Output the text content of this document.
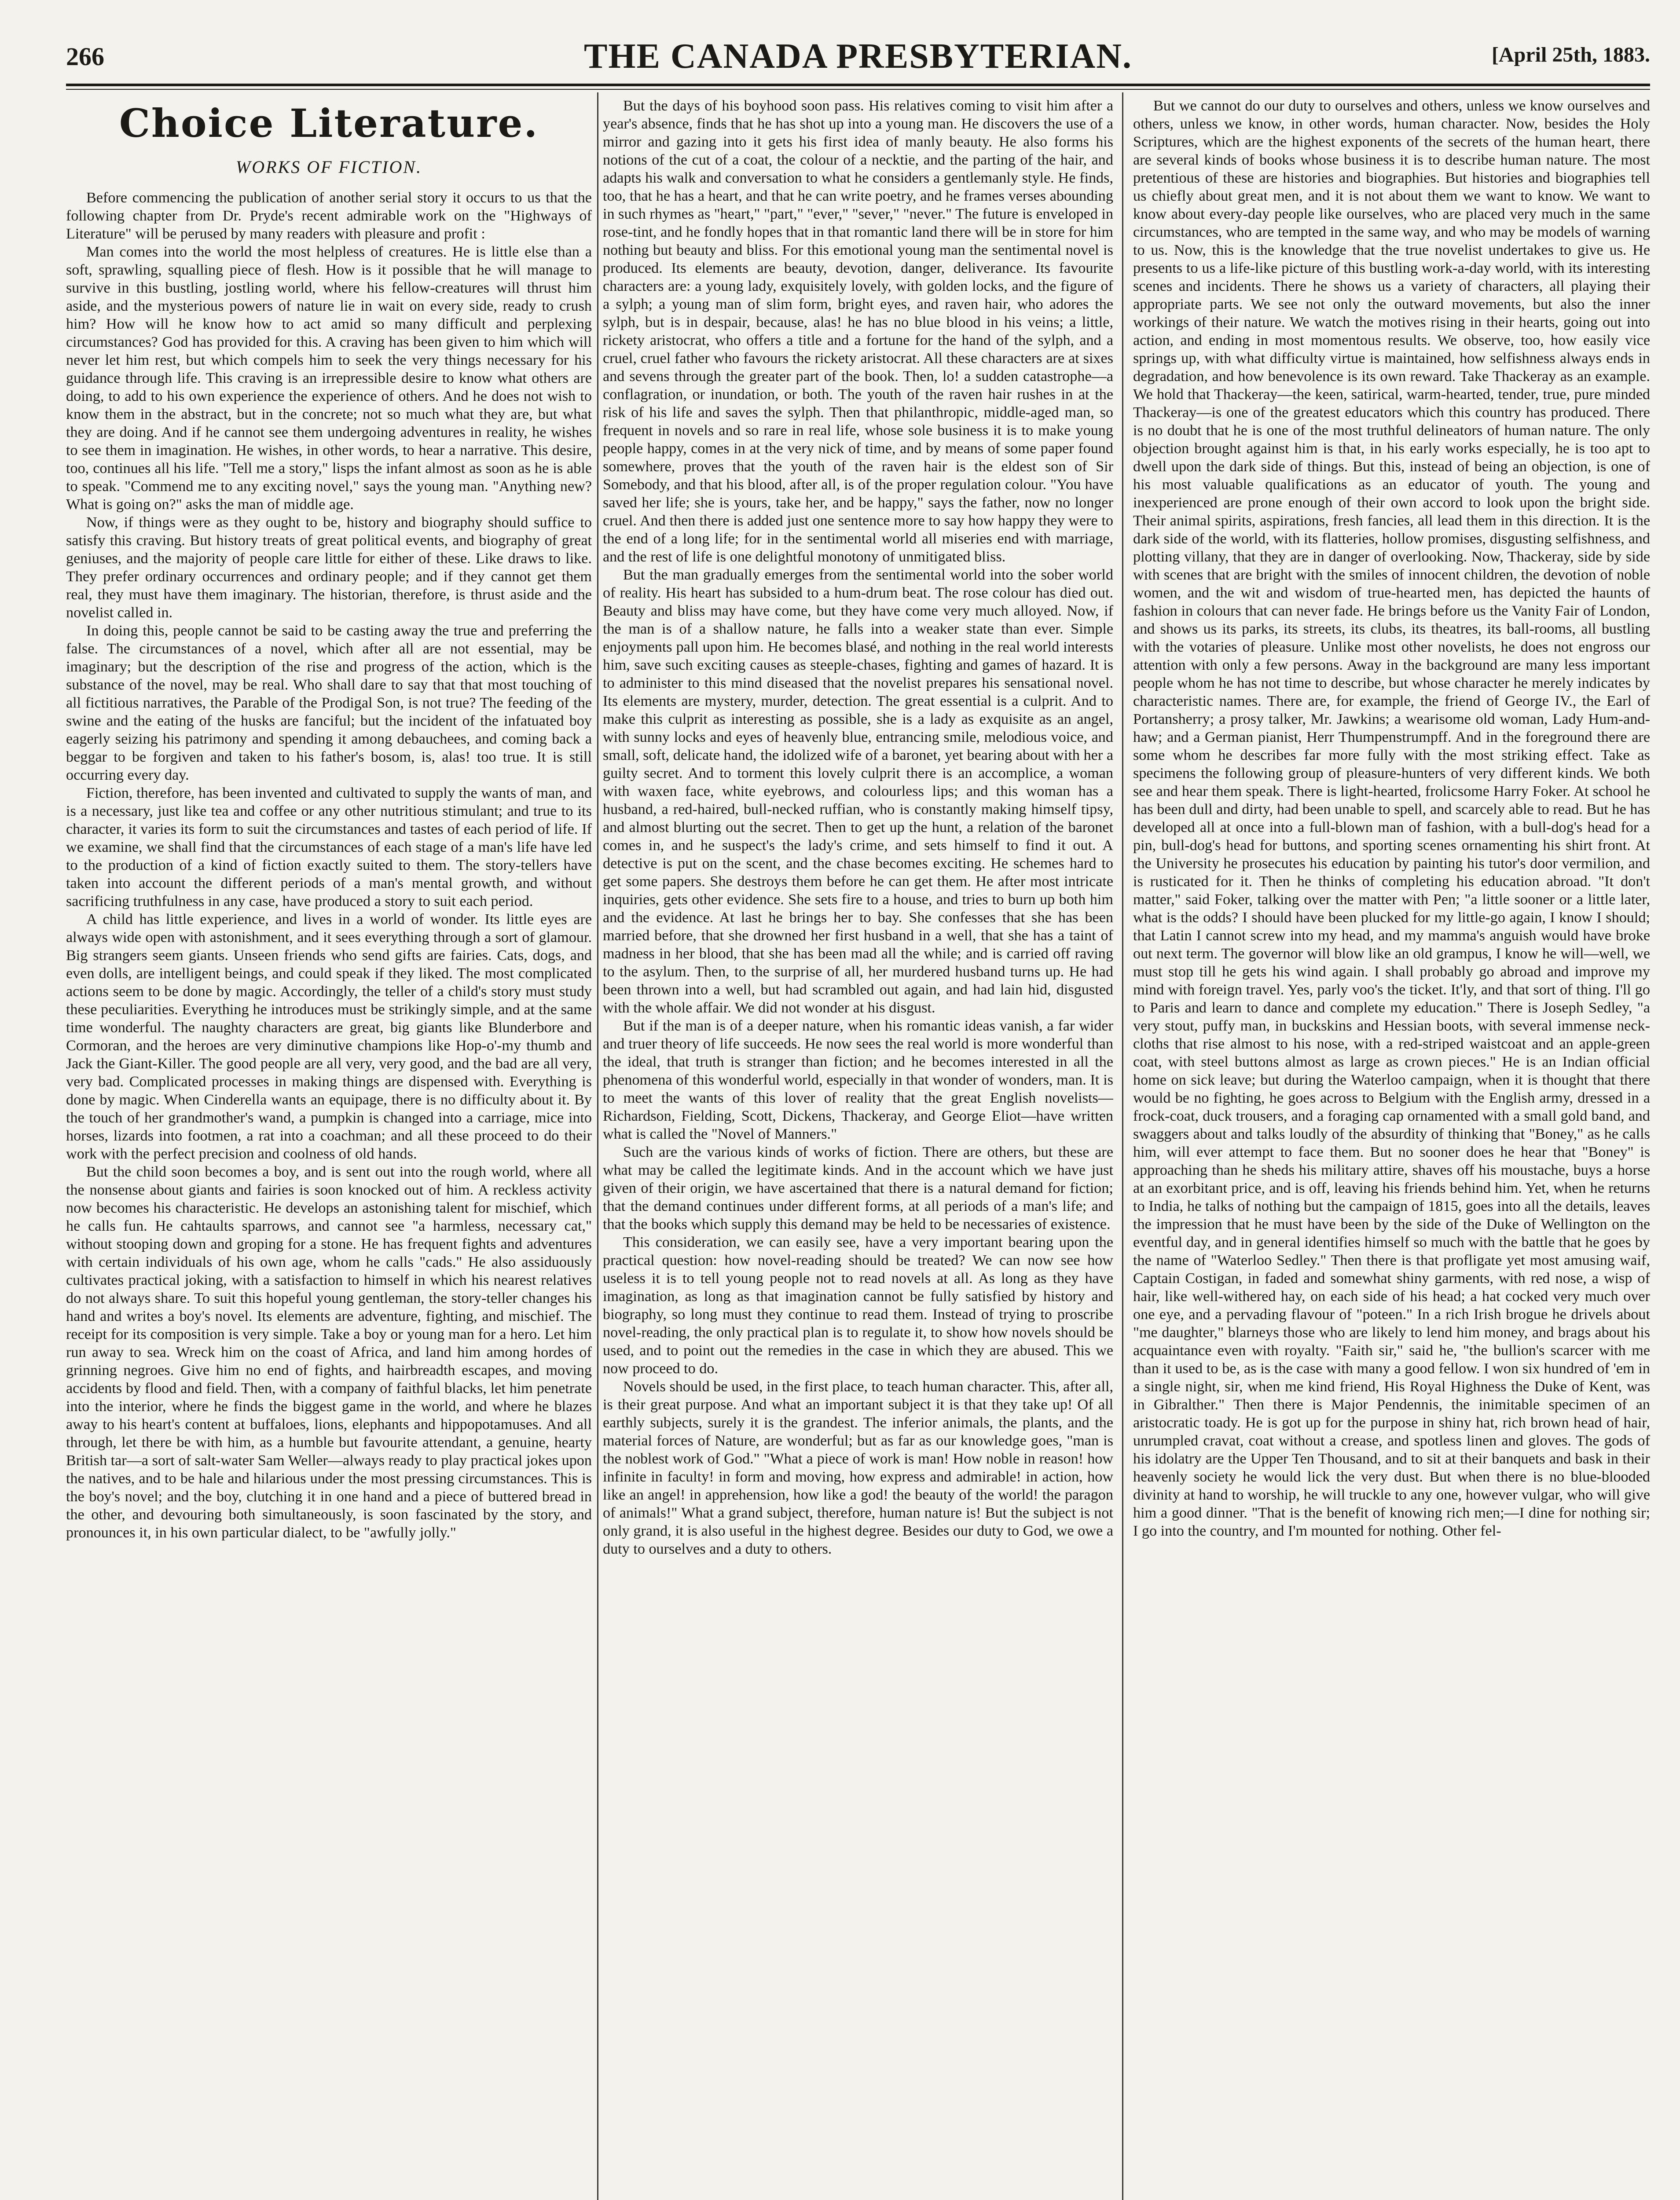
266	THE CANADA PRESBYTERIAN.	[April 25th, 1883.
Choice Literature.
WORKS OF FICTION.

Before commencing the publication of another serial story it occurs to us that the following chapter from Dr. Pryde's recent admirable work on the "Highways of Literature" will be perused by many readers with pleasure and profit :

Man comes into the world the most helpless of creatures. He is little else than a soft, sprawling, squalling piece of flesh. How is it possible that he will manage to survive in this bustling, jostling world, where his fellow-creatures will thrust him aside, and the mysterious powers of nature lie in wait on every side, ready to crush him? How will he know how to act amid so many difficult and perplexing circumstances? God has provided for this. A craving has been given to him which will never let him rest, but which compels him to seek the very things necessary for his guidance through life. This craving is an irrepressible desire to know what others are doing, to add to his own experience the experience of others. And he does not wish to know them in the abstract, but in the concrete; not so much what they are, but what they are doing. And if he cannot see them undergoing adventures in reality, he wishes to see them in imagination. He wishes, in other words, to hear a narrative. This desire, too, continues all his life. "Tell me a story," lisps the infant almost as soon as he is able to speak. "Commend me to any exciting novel," says the young man. "Anything new? What is going on?" asks the man of middle age.

Now, if things were as they ought to be, history and biography should suffice to satisfy this craving. But history treats of great political events, and biography of great geniuses, and the majority of people care little for either of these. Like draws to like. They prefer ordinary occurrences and ordinary people; and if they cannot get them real, they must have them imaginary. The historian, therefore, is thrust aside and the novelist called in.

In doing this, people cannot be said to be casting away the true and preferring the false. The circumstances of a novel, which after all are not essential, may be imaginary; but the description of the rise and progress of the action, which is the substance of the novel, may be real. Who shall dare to say that that most touching of all fictitious narratives, the Parable of the Prodigal Son, is not true? The feeding of the swine and the eating of the husks are fanciful; but the incident of the infatuated boy eagerly seizing his patrimony and spending it among debauchees, and coming back a beggar to be forgiven and taken to his father's bosom, is, alas! too true. It is still occurring every day.

Fiction, therefore, has been invented and cultivated to supply the wants of man, and is a necessary, just like tea and coffee or any other nutritious stimulant; and true to its character, it varies its form to suit the circumstances and tastes of each period of life. If we examine, we shall find that the circumstances of each stage of a man's life have led to the production of a kind of fiction exactly suited to them. The story-tellers have taken into account the different periods of a man's mental growth, and without sacrificing truthfulness in any case, have produced a story to suit each period.

A child has little experience, and lives in a world of wonder. Its little eyes are always wide open with astonishment, and it sees everything through a sort of glamour. Big strangers seem giants. Unseen friends who send gifts are fairies. Cats, dogs, and even dolls, are intelligent beings, and could speak if they liked. The most complicated actions seem to be done by magic. Accordingly, the teller of a child's story must study these peculiarities. Everything he introduces must be strikingly simple, and at the same time wonderful. The naughty characters are great, big giants like Blunderbore and Cormoran, and the heroes are very diminutive champions like Hop-o'-my thumb and Jack the Giant-Killer. The good people are all very, very good, and the bad are all very, very bad. Complicated processes in making things are dispensed with. Everything is done by magic. When Cinderella wants an equipage, there is no difficulty about it. By the touch of her grandmother's wand, a pumpkin is changed into a carriage, mice into horses, lizards into footmen, a rat into a coachman; and all these proceed to do their work with the perfect precision and coolness of old hands.

But the child soon becomes a boy, and is sent out into the rough world, where all the nonsense about giants and fairies is soon knocked out of him. A reckless activity now becomes his characteristic. He develops an astonishing talent for mischief, which he calls fun. He cahtaults sparrows, and cannot see "a harmless, necessary cat," without stooping down and groping for a stone. He has frequent fights and adventures with certain individuals of his own age, whom he calls "cads." He also assiduously cultivates practical joking, with a satisfaction to himself in which his nearest relatives do not always share. To suit this hopeful young gentleman, the story-teller changes his hand and writes a boy's novel. Its elements are adventure, fighting, and mischief. The receipt for its composition is very simple. Take a boy or young man for a hero. Let him run away to sea. Wreck him on the coast of Africa, and land him among hordes of grinning negroes. Give him no end of fights, and hairbreadth escapes, and moving accidents by flood and field. Then, with a company of faithful blacks, let him penetrate into the interior, where he finds the biggest game in the world, and where he blazes away to his heart's content at buffaloes, lions, elephants and hippopotamuses. And all through, let there be with him, as a humble but favourite attendant, a genuine, hearty British tar—a sort of salt-water Sam Weller—always ready to play practical jokes upon the natives, and to be hale and hilarious under the most pressing circumstances. This is the boy's novel; and the boy, clutching it in one hand and a piece of buttered bread in the other, and devouring both simultaneously, is soon fascinated by the story, and pronounces it, in his own particular dialect, to be "awfully jolly."

But the days of his boyhood soon pass. His relatives coming to visit him after a year's absence, finds that he has shot up into a young man. He discovers the use of a mirror and gazing into it gets his first idea of manly beauty. He also forms his notions of the cut of a coat, the colour of a necktie, and the parting of the hair, and adapts his walk and conversation to what he considers a gentlemanly style. He finds, too, that he has a heart, and that he can write poetry, and he frames verses abounding in such rhymes as "heart," "part," "ever," "sever," "never." The future is enveloped in rose-tint, and he fondly hopes that in that romantic land there will be in store for him nothing but beauty and bliss. For this emotional young man the sentimental novel is produced. Its elements are beauty, devotion, danger, deliverance. Its favourite characters are: a young lady, exquisitely lovely, with golden locks, and the figure of a sylph; a young man of slim form, bright eyes, and raven hair, who adores the sylph, but is in despair, because, alas! he has no blue blood in his veins; a little, rickety aristocrat, who offers a title and a fortune for the hand of the sylph, and a cruel, cruel father who favours the rickety aristocrat. All these characters are at sixes and sevens through the greater part of the book. Then, lo! a sudden catastrophe—a conflagration, or inundation, or both. The youth of the raven hair rushes in at the risk of his life and saves the sylph. Then that philanthropic, middle-aged man, so frequent in novels and so rare in real life, whose sole business it is to make young people happy, comes in at the very nick of time, and by means of some paper found somewhere, proves that the youth of the raven hair is the eldest son of Sir Somebody, and that his blood, after all, is of the proper regulation colour. "You have saved her life; she is yours, take her, and be happy," says the father, now no longer cruel. And then there is added just one sentence more to say how happy they were to the end of a long life; for in the sentimental world all miseries end with marriage, and the rest of life is one delightful monotony of unmitigated bliss.

But the man gradually emerges from the sentimental world into the sober world of reality. His heart has subsided to a hum-drum beat. The rose colour has died out. Beauty and bliss may have come, but they have come very much alloyed. Now, if the man is of a shallow nature, he falls into a weaker state than ever. Simple enjoyments pall upon him. He becomes blasé, and nothing in the real world interests him, save such exciting causes as steeple-chases, fighting and games of hazard. It is to administer to this mind diseased that the novelist prepares his sensational novel. Its elements are mystery, murder, detection. The great essential is a culprit. And to make this culprit as interesting as possible, she is a lady as exquisite as an angel, with sunny locks and eyes of heavenly blue, entrancing smile, melodious voice, and small, soft, delicate hand, the idolized wife of a baronet, yet bearing about with her a guilty secret. And to torment this lovely culprit there is an accomplice, a woman with waxen face, white eyebrows, and colourless lips; and this woman has a husband, a red-haired, bull-necked ruffian, who is constantly making himself tipsy, and almost blurting out the secret. Then to get up the hunt, a relation of the baronet comes in, and he suspect's the lady's crime, and sets himself to find it out. A detective is put on the scent, and the chase becomes exciting. He schemes hard to get some papers. She destroys them before he can get them. He after most intricate inquiries, gets other evidence. She sets fire to a house, and tries to burn up both him and the evidence. At last he brings her to bay. She confesses that she has been married before, that she drowned her first husband in a well, that she has a taint of madness in her blood, that she has been mad all the while; and is carried off raving to the asylum. Then, to the surprise of all, her murdered husband turns up. He had been thrown into a well, but had scrambled out again, and had lain hid, disgusted with the whole affair. We did not wonder at his disgust.

But if the man is of a deeper nature, when his romantic ideas vanish, a far wider and truer theory of life succeeds. He now sees the real world is more wonderful than the ideal, that truth is stranger than fiction; and he becomes interested in all the phenomena of this wonderful world, especially in that wonder of wonders, man. It is to meet the wants of this lover of reality that the great English novelists—Richardson, Fielding, Scott, Dickens, Thackeray, and George Eliot—have written what is called the "Novel of Manners."

Such are the various kinds of works of fiction. There are others, but these are what may be called the legitimate kinds. And in the account which we have just given of their origin, we have ascertained that there is a natural demand for fiction; that the demand continues under different forms, at all periods of a man's life; and that the books which supply this demand may be held to be necessaries of existence.

This consideration, we can easily see, have a very important bearing upon the practical question: how novel-reading should be treated? We can now see how useless it is to tell young people not to read novels at all. As long as they have imagination, as long as that imagination cannot be fully satisfied by history and biography, so long must they continue to read them. Instead of trying to proscribe novel-reading, the only practical plan is to regulate it, to show how novels should be used, and to point out the remedies in the case in which they are abused. This we now proceed to do.

Novels should be used, in the first place, to teach human character. This, after all, is their great purpose. And what an important subject it is that they take up! Of all earthly subjects, surely it is the grandest. The inferior animals, the plants, and the material forces of Nature, are wonderful; but as far as our knowledge goes, "man is the noblest work of God." "What a piece of work is man! How noble in reason! how infinite in faculty! in form and moving, how express and admirable! in action, how like an angel! in apprehension, how like a god! the beauty of the world! the paragon of animals!" What a grand subject, therefore, human nature is! But the subject is not only grand, it is also useful in the highest degree. Besides our duty to God, we owe a duty to ourselves and a duty to others.

But we cannot do our duty to ourselves and others, unless we know ourselves and others, unless we know, in other words, human character. Now, besides the Holy Scriptures, which are the highest exponents of the secrets of the human heart, there are several kinds of books whose business it is to describe human nature. The most pretentious of these are histories and biographies. But histories and biographies tell us chiefly about great men, and it is not about them we want to know. We want to know about every-day people like ourselves, who are placed very much in the same circumstances, who are tempted in the same way, and who may be models of warning to us. Now, this is the knowledge that the true novelist undertakes to give us. He presents to us a life-like picture of this bustling work-a-day world, with its interesting scenes and incidents. There he shows us a variety of characters, all playing their appropriate parts. We see not only the outward movements, but also the inner workings of their nature. We watch the motives rising in their hearts, going out into action, and ending in most momentous results. We observe, too, how easily vice springs up, with what difficulty virtue is maintained, how selfishness always ends in degradation, and how benevolence is its own reward. Take Thackeray as an example. We hold that Thackeray—the keen, satirical, warm-hearted, tender, true, pure minded Thackeray—is one of the greatest educators which this country has produced. There is no doubt that he is one of the most truthful delineators of human nature. The only objection brought against him is that, in his early works especially, he is too apt to dwell upon the dark side of things. But this, instead of being an objection, is one of his most valuable qualifications as an educator of youth. The young and inexperienced are prone enough of their own accord to look upon the bright side. Their animal spirits, aspirations, fresh fancies, all lead them in this direction. It is the dark side of the world, with its flatteries, hollow promises, disgusting selfishness, and plotting villany, that they are in danger of overlooking. Now, Thackeray, side by side with scenes that are bright with the smiles of innocent children, the devotion of noble women, and the wit and wisdom of true-hearted men, has depicted the haunts of fashion in colours that can never fade. He brings before us the Vanity Fair of London, and shows us its parks, its streets, its clubs, its theatres, its ball-rooms, all bustling with the votaries of pleasure. Unlike most other novelists, he does not engross our attention with only a few persons. Away in the background are many less important people whom he has not time to describe, but whose character he merely indicates by characteristic names. There are, for example, the friend of George IV., the Earl of Portansherry; a prosy talker, Mr. Jawkins; a wearisome old woman, Lady Hum-and-haw; and a German pianist, Herr Thumpenstrumpff. And in the foreground there are some whom he describes far more fully with the most striking effect. Take as specimens the following group of pleasure-hunters of very different kinds. We both see and hear them speak. There is light-hearted, frolicsome Harry Foker. At school he has been dull and dirty, had been unable to spell, and scarcely able to read. But he has developed all at once into a full-blown man of fashion, with a bull-dog's head for a pin, bull-dog's head for buttons, and sporting scenes ornamenting his shirt front. At the University he prosecutes his education by painting his tutor's door vermilion, and is rusticated for it. Then he thinks of completing his education abroad. "It don't matter," said Foker, talking over the matter with Pen; "a little sooner or a little later, what is the odds? I should have been plucked for my little-go again, I know I should; that Latin I cannot screw into my head, and my mamma's anguish would have broke out next term. The governor will blow like an old grampus, I know he will—well, we must stop till he gets his wind again. I shall probably go abroad and improve my mind with foreign travel. Yes, parly voo's the ticket. It'ly, and that sort of thing. I'll go to Paris and learn to dance and complete my education." There is Joseph Sedley, "a very stout, puffy man, in buckskins and Hessian boots, with several immense neck-cloths that rise almost to his nose, with a red-striped waistcoat and an apple-green coat, with steel buttons almost as large as crown pieces." He is an Indian official home on sick leave; but during the Waterloo campaign, when it is thought that there would be no fighting, he goes across to Belgium with the English army, dressed in a frock-coat, duck trousers, and a foraging cap ornamented with a small gold band, and swaggers about and talks loudly of the absurdity of thinking that "Boney," as he calls him, will ever attempt to face them. But no sooner does he hear that "Boney" is approaching than he sheds his military attire, shaves off his moustache, buys a horse at an exorbitant price, and is off, leaving his friends behind him. Yet, when he returns to India, he talks of nothing but the campaign of 1815, goes into all the details, leaves the impression that he must have been by the side of the Duke of Wellington on the eventful day, and in general identifies himself so much with the battle that he goes by the name of "Waterloo Sedley." Then there is that profligate yet most amusing waif, Captain Costigan, in faded and somewhat shiny garments, with red nose, a wisp of hair, like well-withered hay, on each side of his head; a hat cocked very much over one eye, and a pervading flavour of "poteen." In a rich Irish brogue he drivels about "me daughter," blarneys those who are likely to lend him money, and brags about his acquaintance even with royalty. "Faith sir," said he, "the bullion's scarcer with me than it used to be, as is the case with many a good fellow. I won six hundred of 'em in a single night, sir, when me kind friend, His Royal Highness the Duke of Kent, was in Gibralther." Then there is Major Pendennis, the inimitable specimen of an aristocratic toady. He is got up for the purpose in shiny hat, rich brown head of hair, unrumpled cravat, coat without a crease, and spotless linen and gloves. The gods of his idolatry are the Upper Ten Thousand, and to sit at their banquets and bask in their heavenly society he would lick the very dust. But when there is no blue-blooded divinity at hand to worship, he will truckle to any one, however vulgar, who will give him a good dinner. "That is the benefit of knowing rich men;—I dine for nothing sir; I go into the country, and I'm mounted for nothing. Other fel-
